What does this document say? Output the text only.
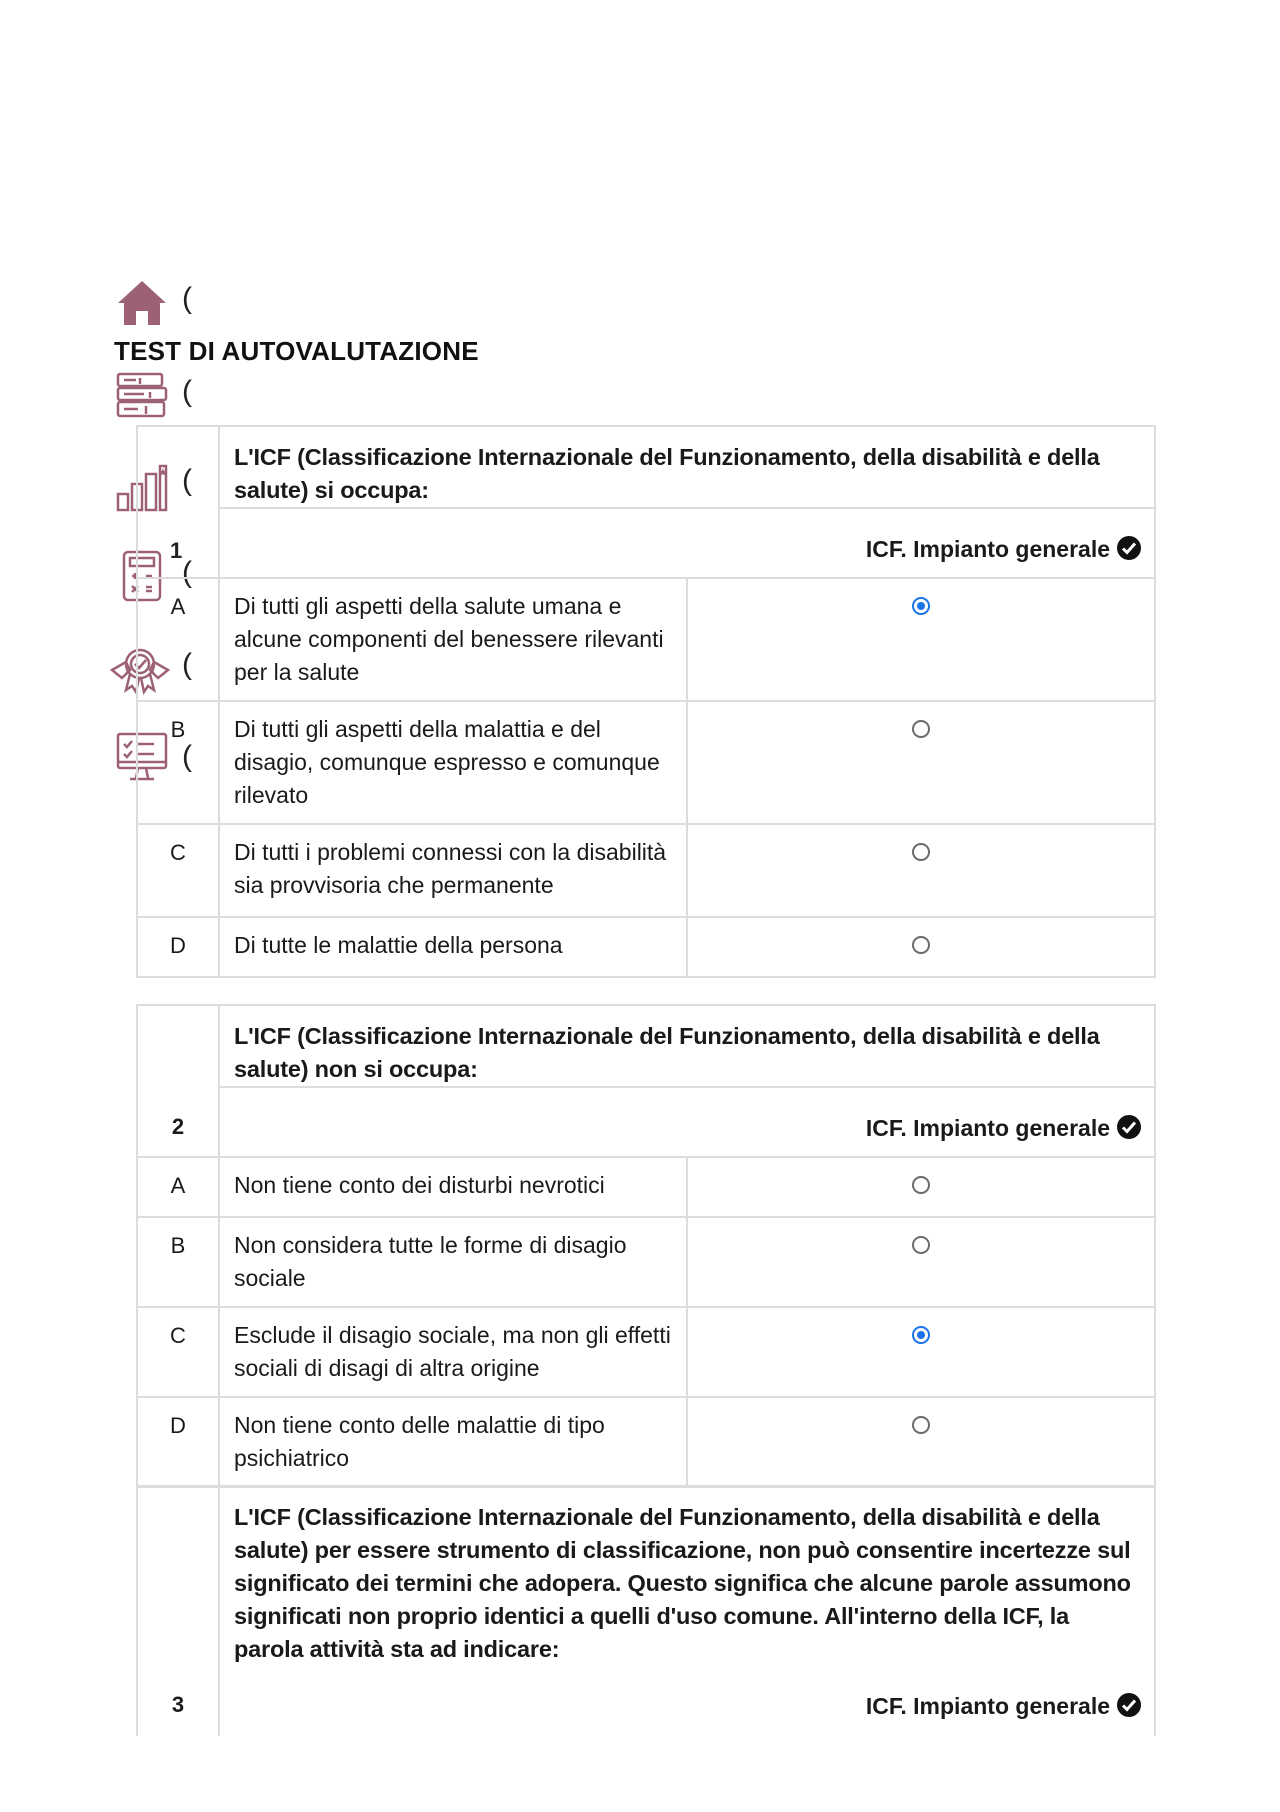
(
TEST DI AUTOVALUTAZIONE
(
(
(
1
(
(
	L'ICF (Classificazione Internazionale del Funzionamento, della disabilità e della salute) si occupa:	
	ICF. Impianto generale	
A	Di tutti gli aspetti della salute umana e alcune componenti del benessere rilevanti per la salute	
B	Di tutti gli aspetti della malattia e del disagio, comunque espresso e comunque rilevato	
C	Di tutti i problemi connessi con la disabilità sia provvisoria che permanente	
D	Di tutte le malattie della persona	
2	L'ICF (Classificazione Internazionale del Funzionamento, della disabilità e della salute) non si occupa:	
	ICF. Impianto generale	
A	Non tiene conto dei disturbi nevrotici	
B	Non considera tutte le forme di disagio sociale	
C	Esclude il disagio sociale, ma non gli effetti sociali di disagi di altra origine	
D	Non tiene conto delle malattie di tipo psichiatrico	
3	L'ICF (Classificazione Internazionale del Funzionamento, della disabilità e della salute) per essere strumento di classificazione, non può consentire incertezze sul significato dei termini che adopera. Questo significa che alcune parole assumono significati non proprio identici a quelli d'uso comune. All'interno della ICF, la parola attività sta ad indicare:
ICF. Impianto generale
